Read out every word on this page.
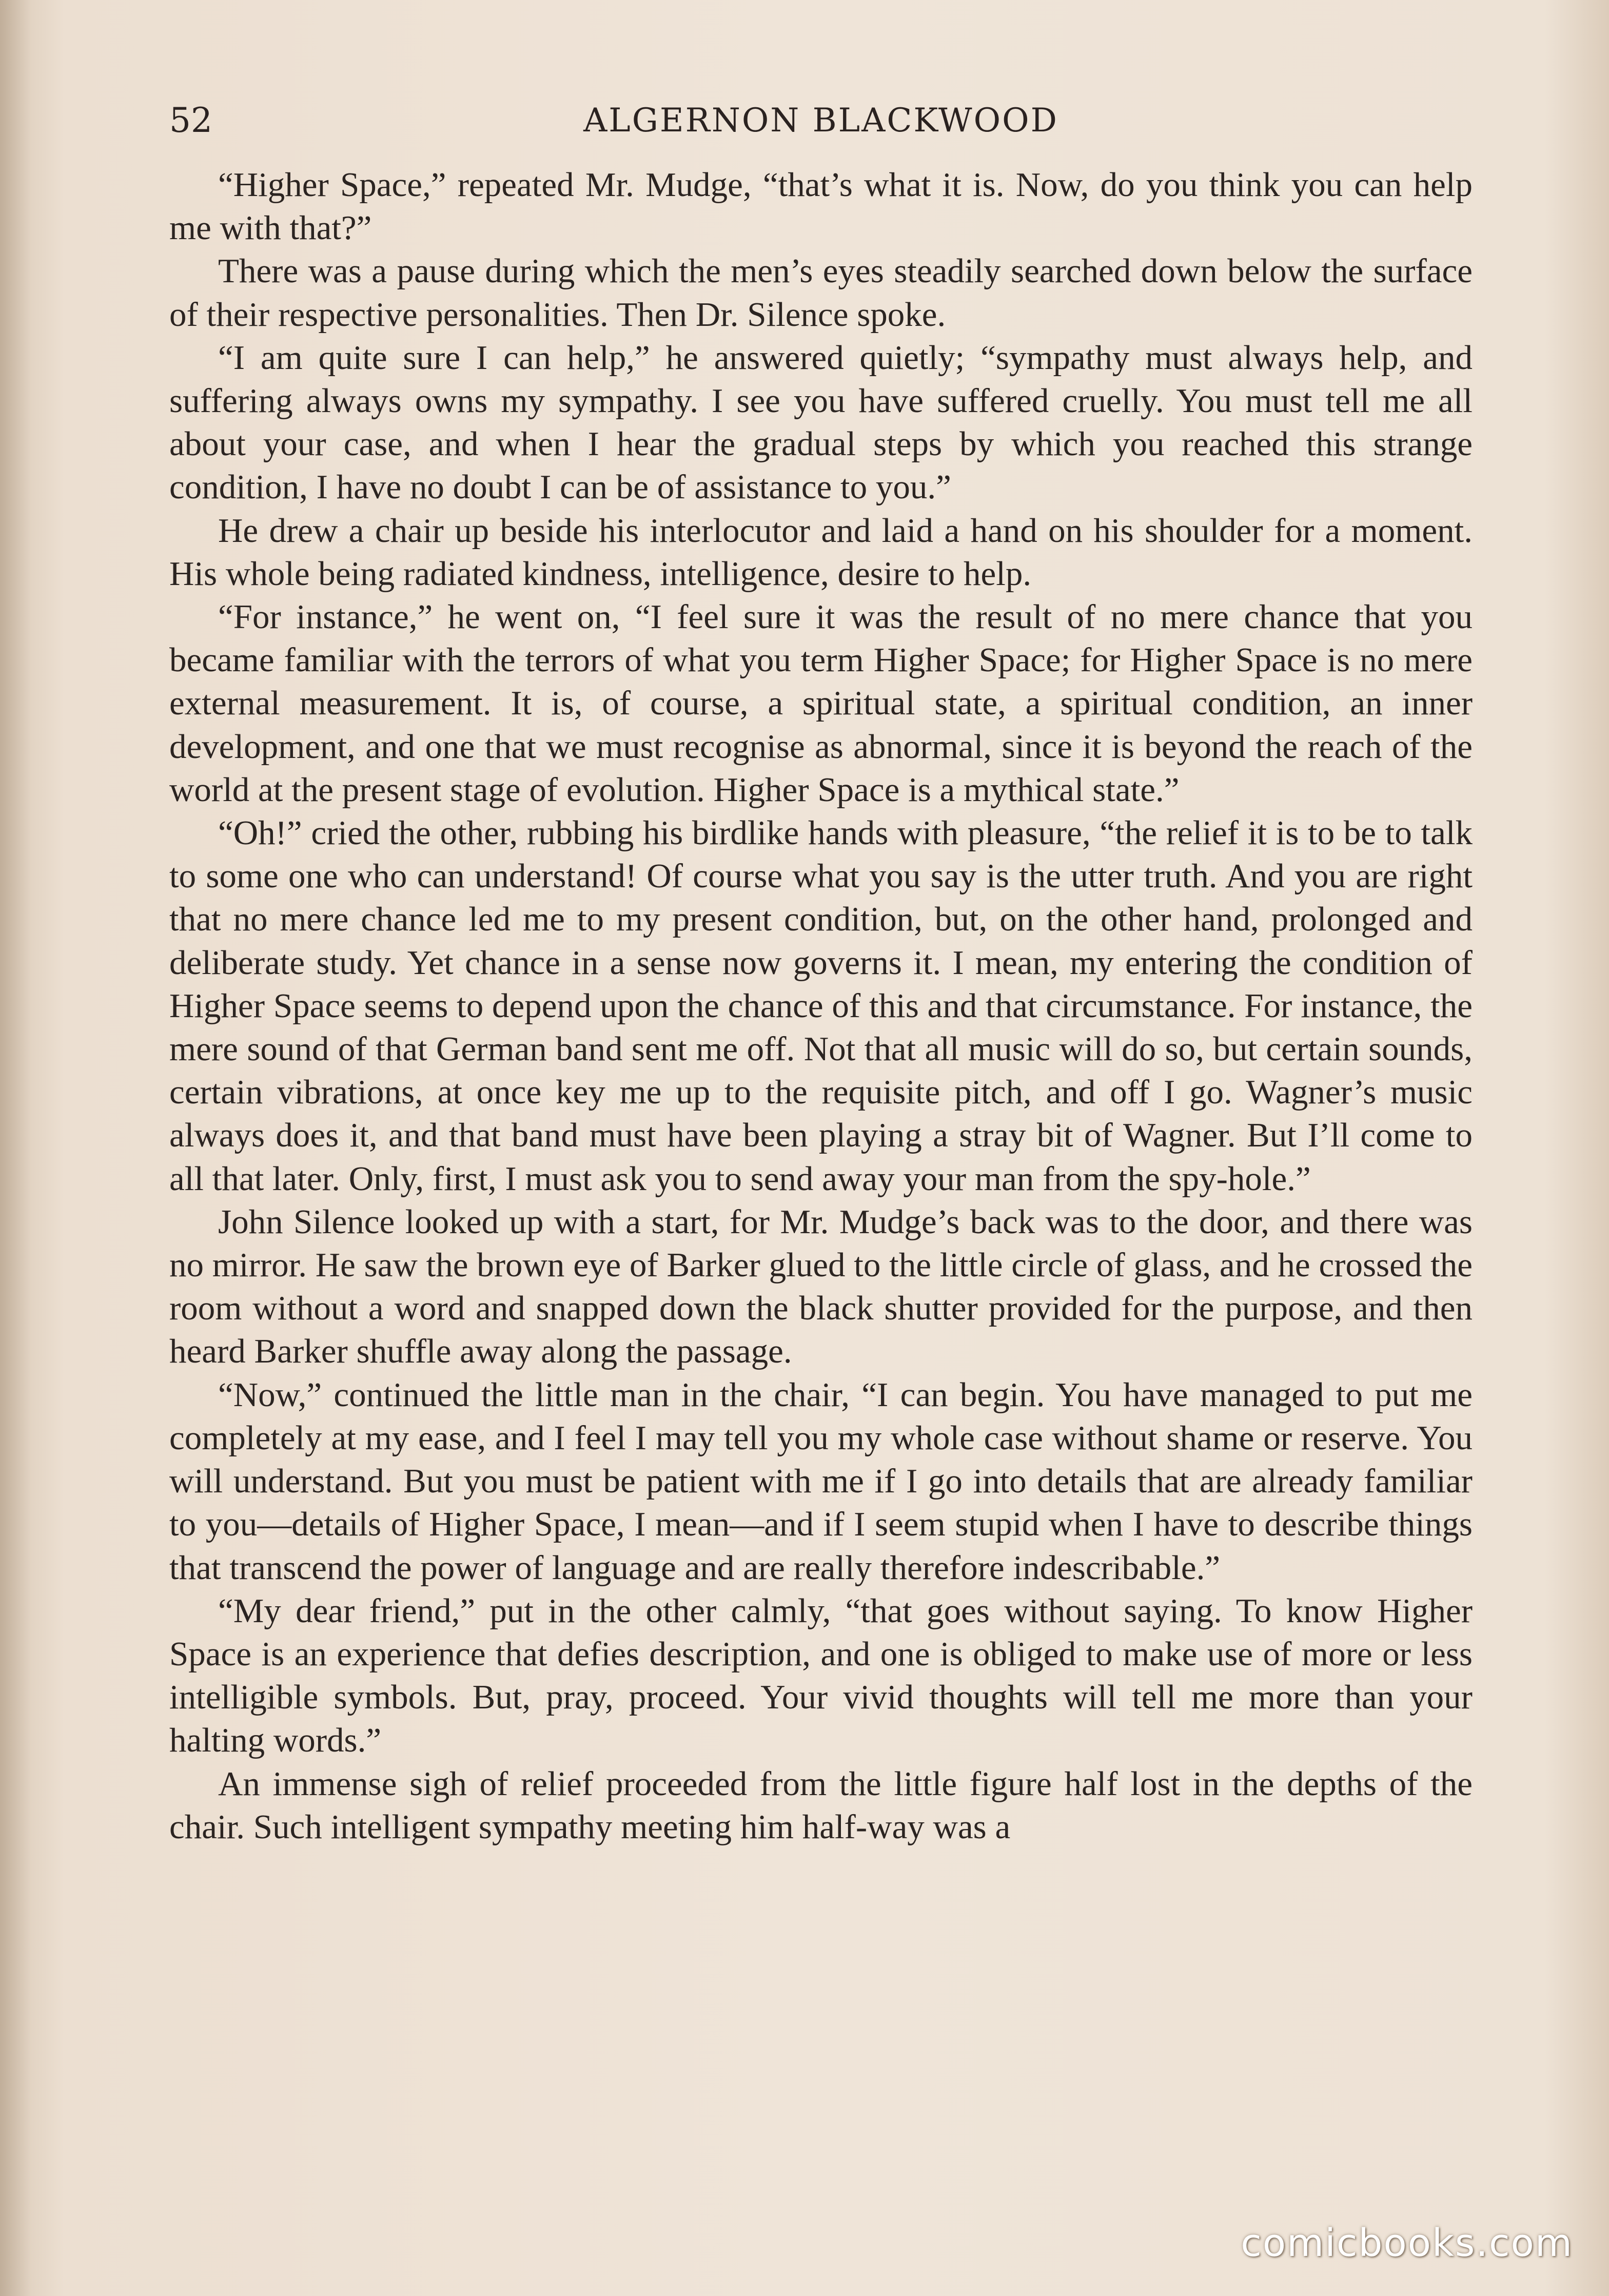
52	ALGERNON BLACKWOOD

“Higher Space,” repeated Mr. Mudge, “that’s what it is. Now, do you think you can help me with that?”

There was a pause during which the men’s eyes steadily searched down below the surface of their respective personalities. Then Dr. Silence spoke.

“I am quite sure I can help,” he answered quietly; “sympathy must always help, and suffering always owns my sympathy. I see you have suffered cruelly. You must tell me all about your case, and when I hear the gradual steps by which you reached this strange condition, I have no doubt I can be of assistance to you.”

He drew a chair up beside his interlocutor and laid a hand on his shoulder for a moment. His whole being radiated kindness, intelligence, desire to help.

“For instance,” he went on, “I feel sure it was the result of no mere chance that you became familiar with the terrors of what you term Higher Space; for Higher Space is no mere external measurement. It is, of course, a spiritual state, a spiritual condition, an inner development, and one that we must recognise as abnormal, since it is beyond the reach of the world at the present stage of evolution. Higher Space is a mythical state.”

“Oh!” cried the other, rubbing his birdlike hands with pleasure, “the relief it is to be to talk to some one who can understand! Of course what you say is the utter truth. And you are right that no mere chance led me to my present condition, but, on the other hand, prolonged and deliberate study. Yet chance in a sense now governs it. I mean, my entering the condition of Higher Space seems to depend upon the chance of this and that circumstance. For instance, the mere sound of that German band sent me off. Not that all music will do so, but certain sounds, certain vibrations, at once key me up to the requisite pitch, and off I go. Wagner’s music always does it, and that band must have been playing a stray bit of Wagner. But I’ll come to all that later. Only, first, I must ask you to send away your man from the spy-hole.”

John Silence looked up with a start, for Mr. Mudge’s back was to the door, and there was no mirror. He saw the brown eye of Barker glued to the little circle of glass, and he crossed the room without a word and snapped down the black shutter provided for the purpose, and then heard Barker shuffle away along the passage.

“Now,” continued the little man in the chair, “I can begin. You have managed to put me completely at my ease, and I feel I may tell you my whole case without shame or reserve. You will understand. But you must be patient with me if I go into details that are already familiar to you—details of Higher Space, I mean—and if I seem stupid when I have to describe things that transcend the power of language and are really therefore indescribable.”

“My dear friend,” put in the other calmly, “that goes without saying. To know Higher Space is an experience that defies description, and one is obliged to make use of more or less intelligible symbols. But, pray, proceed. Your vivid thoughts will tell me more than your halting words.”

An immense sigh of relief proceeded from the little figure half lost in the depths of the chair. Such intelligent sympathy meeting him half-way was a

comicbooks.com
